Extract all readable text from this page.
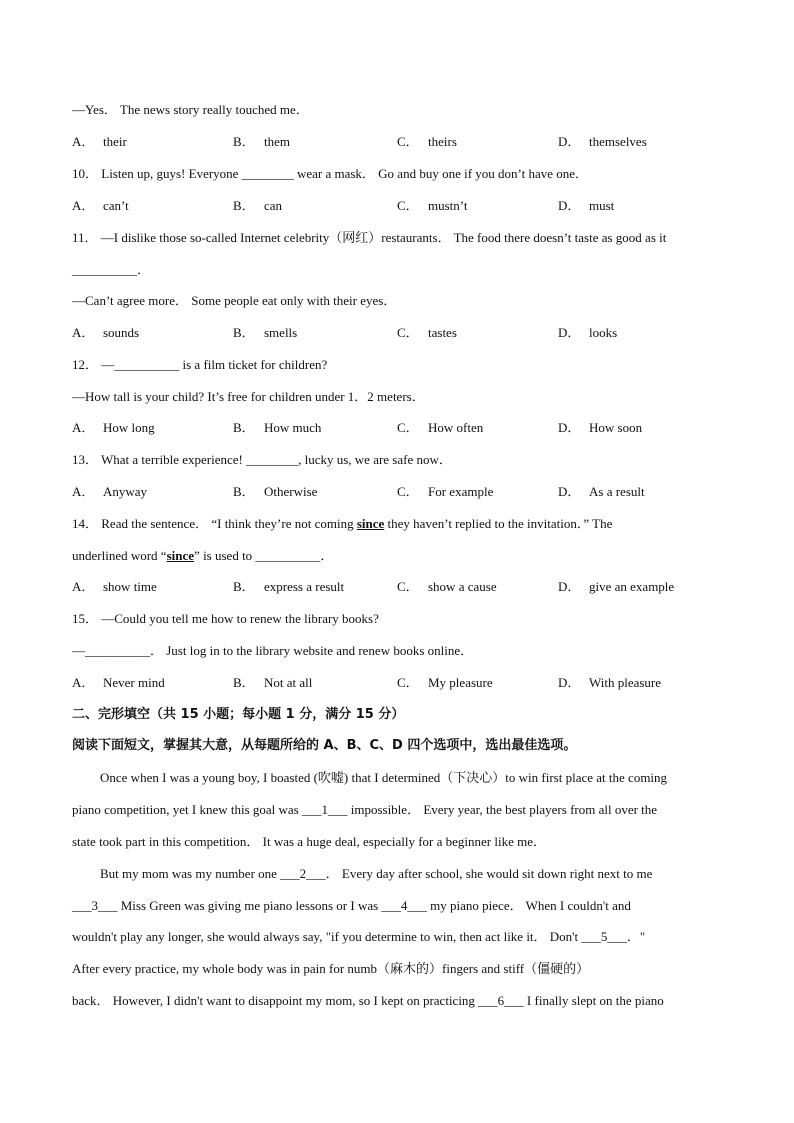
—Yes． The news story really touched me．
A． their	B． them	C． theirs	D． themselves
10． Listen up, guys! Everyone ________ wear a mask． Go and buy one if you don’t have one．
A． can’t	B． can	C． mustn’t	D． must
11． —I dislike those so-called Internet celebrity（网红）restaurants． The food there doesn’t taste as good as it
__________．
—Can’t agree more． Some people eat only with their eyes．
A． sounds	B． smells	C． tastes	D． looks
12． —__________ is a film ticket for children?
—How tall is your child? It’s free for children under 1．2 meters．
A． How long	B． How much	C． How often	D． How soon
13． What a terrible experience! ________, lucky us, we are safe now．
A． Anyway	B． Otherwise	C． For example	D． As a result
14． Read the sentence． “I think they’re not coming since they haven’t replied to the invitation．” The
underlined word “since” is used to __________．
A． show time	B． express a result	C． show a cause	D． give an example
15． —Could you tell me how to renew the library books?
—__________． Just log in to the library website and renew books online．
A． Never mind	B． Not at all	C． My pleasure	D． With pleasure
二、完形填空（共 15 小题；每小题 1 分，满分 15 分）
阅读下面短文，掌握其大意，从每题所给的 A、B、C、D 四个选项中，选出最佳选项。
Once when I was a young boy, I boasted (吹嘘) that I determined（下决心）to win first place at the coming
piano competition, yet I knew this goal was ___1___ impossible． Every year, the best players from all over the
state took part in this competition． It was a huge deal, especially for a beginner like me．
But my mom was my number one ___2___． Every day after school, she would sit down right next to me
___3___ Miss Green was giving me piano lessons or I was ___4___ my piano piece． When I couldn't and
wouldn't play any longer, she would always say, "if you determine to win, then act like it． Don't ___5___．"
After every practice, my whole body was in pain for numb（麻木的）fingers and stiff（僵硬的）
back． However, I didn't want to disappoint my mom, so I kept on practicing ___6___ I finally slept on the piano
